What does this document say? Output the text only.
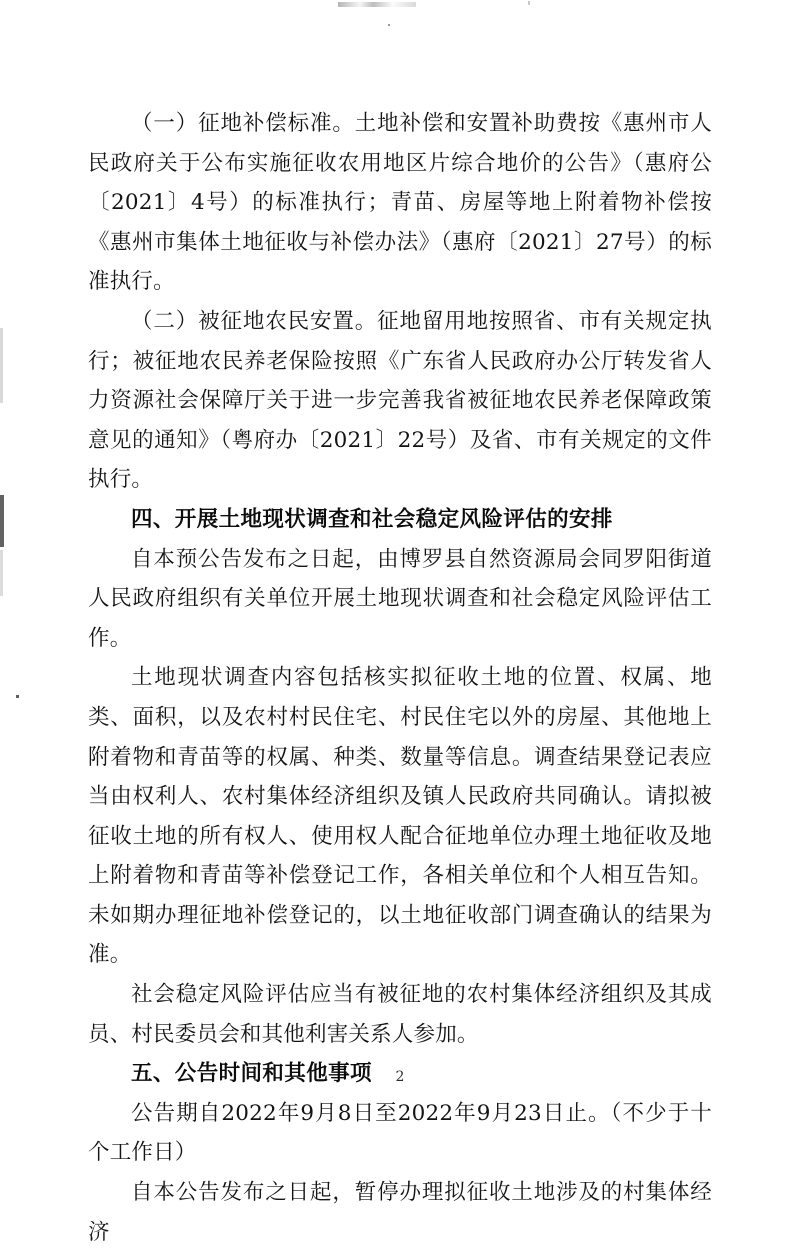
（一）征地补偿标准。土地补偿和安置补助费按《惠州市人民政府关于公布实施征收农用地区片综合地价的公告》（惠府公〔2021〕4号）的标准执行；青苗、房屋等地上附着物补偿按《惠州市集体土地征收与补偿办法》（惠府〔2021〕27号）的标准执行。

（二）被征地农民安置。征地留用地按照省、市有关规定执行；被征地农民养老保险按照《广东省人民政府办公厅转发省人力资源社会保障厅关于进一步完善我省被征地农民养老保障政策意见的通知》（粤府办〔2021〕22号）及省、市有关规定的文件执行。

四、开展土地现状调查和社会稳定风险评估的安排

自本预公告发布之日起，由博罗县自然资源局会同罗阳街道人民政府组织有关单位开展土地现状调查和社会稳定风险评估工作。

土地现状调查内容包括核实拟征收土地的位置、权属、地类、面积，以及农村村民住宅、村民住宅以外的房屋、其他地上附着物和青苗等的权属、种类、数量等信息。调查结果登记表应当由权利人、农村集体经济组织及镇人民政府共同确认。请拟被征收土地的所有权人、使用权人配合征地单位办理土地征收及地上附着物和青苗等补偿登记工作，各相关单位和个人相互告知。未如期办理征地补偿登记的，以土地征收部门调查确认的结果为准。

社会稳定风险评估应当有被征地的农村集体经济组织及其成员、村民委员会和其他利害关系人参加。

五、公告时间和其他事项

公告期自2022年9月8日至2022年9月23日止。（不少于十个工作日）

自本公告发布之日起，暂停办理拟征收土地涉及的村集体经济

2
